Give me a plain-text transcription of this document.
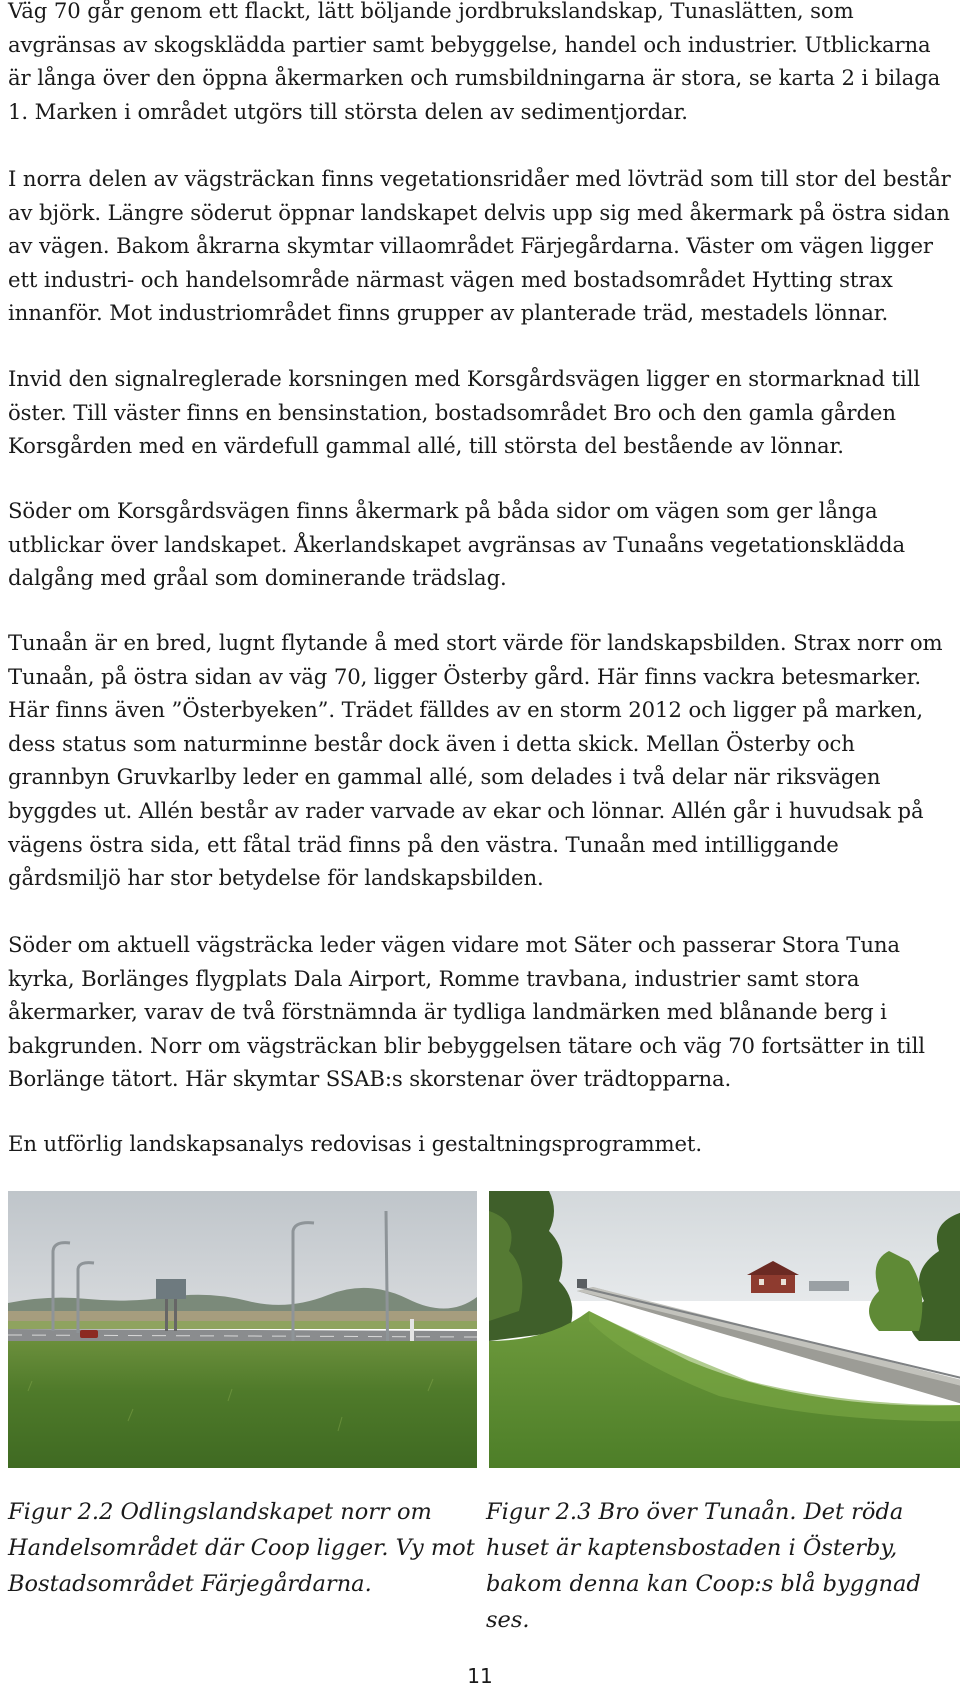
Väg 70 går genom ett flackt, lätt böljande jordbrukslandskap, Tunaslätten, som avgränsas av skogsklädda partier samt bebyggelse, handel och industrier. Utblickarna är långa över den öppna åkermarken och rumsbildningarna är stora, se karta 2 i bilaga 1. Marken i området utgörs till största delen av sedimentjordar.

I norra delen av vägsträckan finns vegetationsridåer med lövträd som till stor del består av björk. Längre söderut öppnar landskapet delvis upp sig med åkermark på östra sidan av vägen. Bakom åkrarna skymtar villaområdet Färjegårdarna. Väster om vägen ligger ett industri- och handelsområde närmast vägen med bostadsområdet Hytting strax innanför. Mot industriområdet finns grupper av planterade träd, mestadels lönnar.

Invid den signalreglerade korsningen med Korsgårdsvägen ligger en stormarknad till öster. Till väster finns en bensinstation, bostadsområdet Bro och den gamla gården Korsgården med en värdefull gammal allé, till största del bestående av lönnar.

Söder om Korsgårdsvägen finns åkermark på båda sidor om vägen som ger långa utblickar över landskapet. Åkerlandskapet avgränsas av Tunaåns vegetationsklädda dalgång med gråal som dominerande trädslag.

Tunaån är en bred, lugnt flytande å med stort värde för landskapsbilden. Strax norr om Tunaån, på östra sidan av väg 70, ligger Österby gård. Här finns vackra betesmarker. Här finns även ”Österbyeken”. Trädet fälldes av en storm 2012 och ligger på marken, dess status som naturminne består dock även i detta skick. Mellan Österby och grannbyn Gruvkarlby leder en gammal allé, som delades i två delar när riksvägen byggdes ut. Allén består av rader varvade av ekar och lönnar. Allén går i huvudsak på vägens östra sida, ett fåtal träd finns på den västra. Tunaån med intilliggande gårdsmiljö har stor betydelse för landskapsbilden.

Söder om aktuell vägsträcka leder vägen vidare mot Säter och passerar Stora Tuna kyrka, Borlänges flygplats Dala Airport, Romme travbana, industrier samt stora åkermarker, varav de två förstnämnda är tydliga landmärken med blånande berg i bakgrunden. Norr om vägsträckan blir bebyggelsen tätare och väg 70 fortsätter in till Borlänge tätort. Här skymtar SSAB:s skorstenar över trädtopparna.

En utförlig landskapsanalys redovisas i gestaltningsprogrammet.

Figur 2.2 Odlingslandskapet norr om Handelsområdet där Coop ligger. Vy mot Bostadsområdet Färjegårdarna.

Figur 2.3 Bro över Tunaån. Det röda huset är kaptensbostaden i Österby, bakom denna kan Coop:s blå byggnad ses.

11
